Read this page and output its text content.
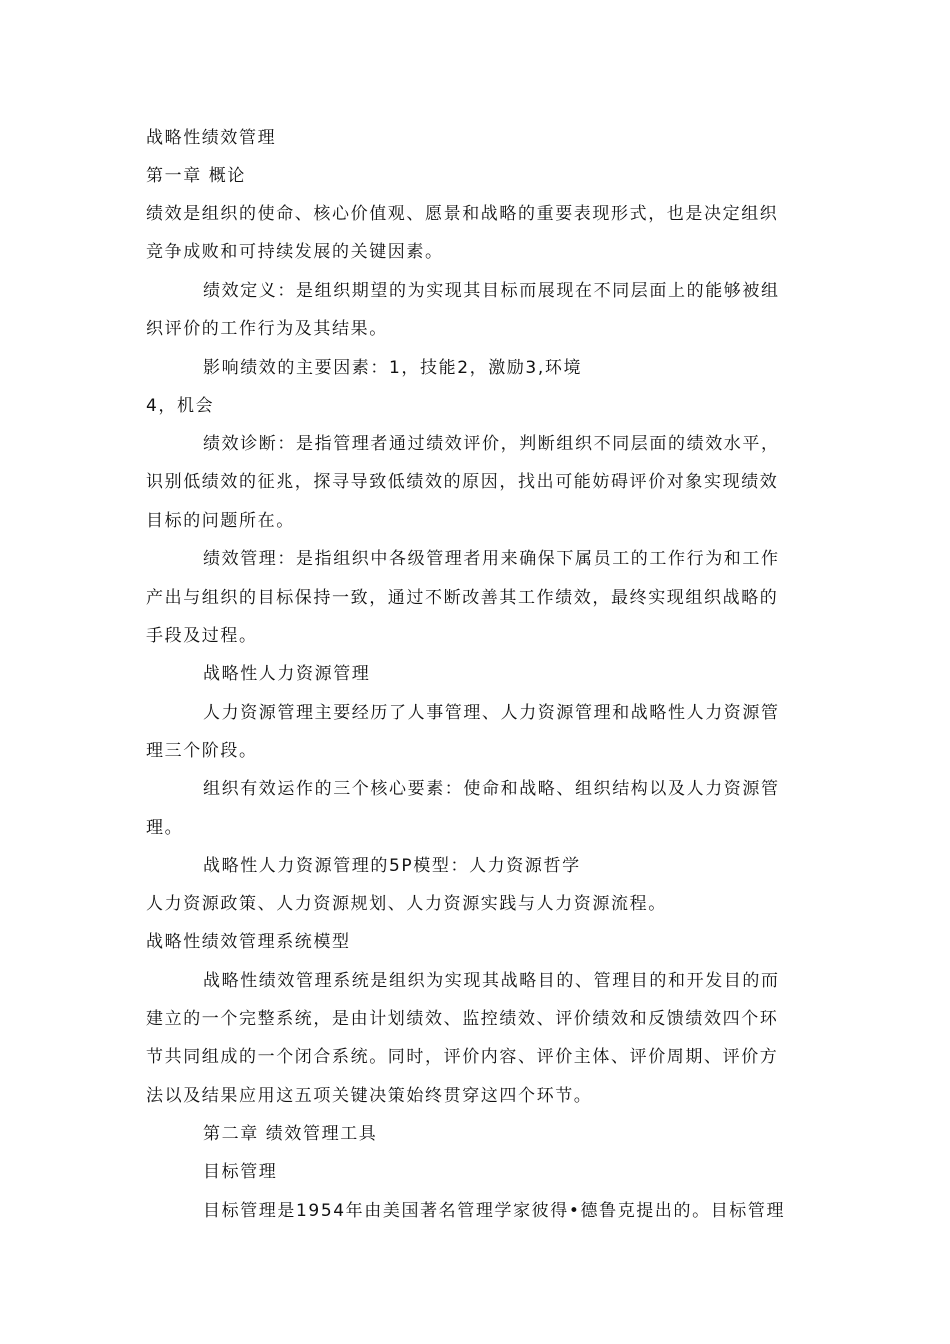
战略性绩效管理
第一章 概论
绩效是组织的使命、核心价值观、愿景和战略的重要表现形式，也是决定组织
竞争成败和可持续发展的关键因素。
绩效定义：是组织期望的为实现其目标而展现在不同层面上的能够被组
织评价的工作行为及其结果。
影响绩效的主要因素：1，技能2，激励3,环境
4，机会
绩效诊断：是指管理者通过绩效评价，判断组织不同层面的绩效水平，
识别低绩效的征兆，探寻导致低绩效的原因，找出可能妨碍评价对象实现绩效
目标的问题所在。
绩效管理：是指组织中各级管理者用来确保下属员工的工作行为和工作
产出与组织的目标保持一致，通过不断改善其工作绩效，最终实现组织战略的
手段及过程。
战略性人力资源管理
人力资源管理主要经历了人事管理、人力资源管理和战略性人力资源管
理三个阶段。
组织有效运作的三个核心要素：使命和战略、组织结构以及人力资源管
理。
战略性人力资源管理的5P模型：人力资源哲学
人力资源政策、人力资源规划、人力资源实践与人力资源流程。
战略性绩效管理系统模型
战略性绩效管理系统是组织为实现其战略目的、管理目的和开发目的而
建立的一个完整系统，是由计划绩效、监控绩效、评价绩效和反馈绩效四个环
节共同组成的一个闭合系统。同时，评价内容、评价主体、评价周期、评价方
法以及结果应用这五项关键决策始终贯穿这四个环节。
第二章 绩效管理工具
目标管理
目标管理是1954年由美国著名管理学家彼得•德鲁克提出的。目标管理
